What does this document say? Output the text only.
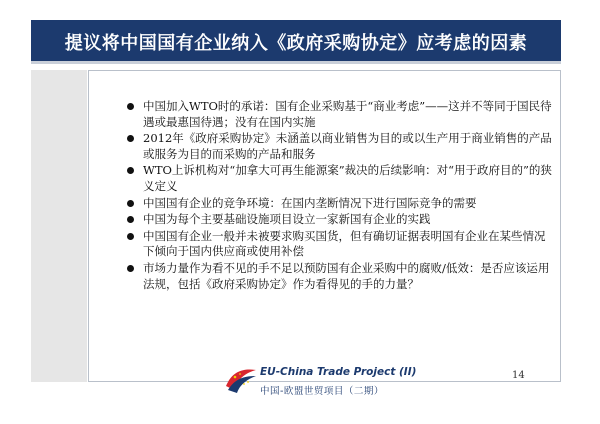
提议将中国国有企业纳入《政府采购协定》应考虑的因素
中国加入WTO时的承诺：国有企业采购基于“商业考虑”——这并不等同于国民待遇或最惠国待遇；没有在国内实施
2012年《政府采购协定》未涵盖以商业销售为目的或以生产用于商业销售的产品或服务为目的而采购的产品和服务
WTO上诉机构对“加拿大可再生能源案”裁决的后续影响：对“用于政府目的”的狭义定义
中国国有企业的竞争环境：在国内垄断情况下进行国际竞争的需要
中国为每个主要基础设施项目设立一家新国有企业的实践
中国国有企业一般并未被要求购买国货，但有确切证据表明国有企业在某些情况下倾向于国内供应商或使用补偿
市场力量作为看不见的手不足以预防国有企业采购中的腐败/低效：是否应该运用法规，包括《政府采购协定》作为看得见的手的力量？
EU-China Trade Project (II)
中国-欧盟世贸项目（二期）
14
